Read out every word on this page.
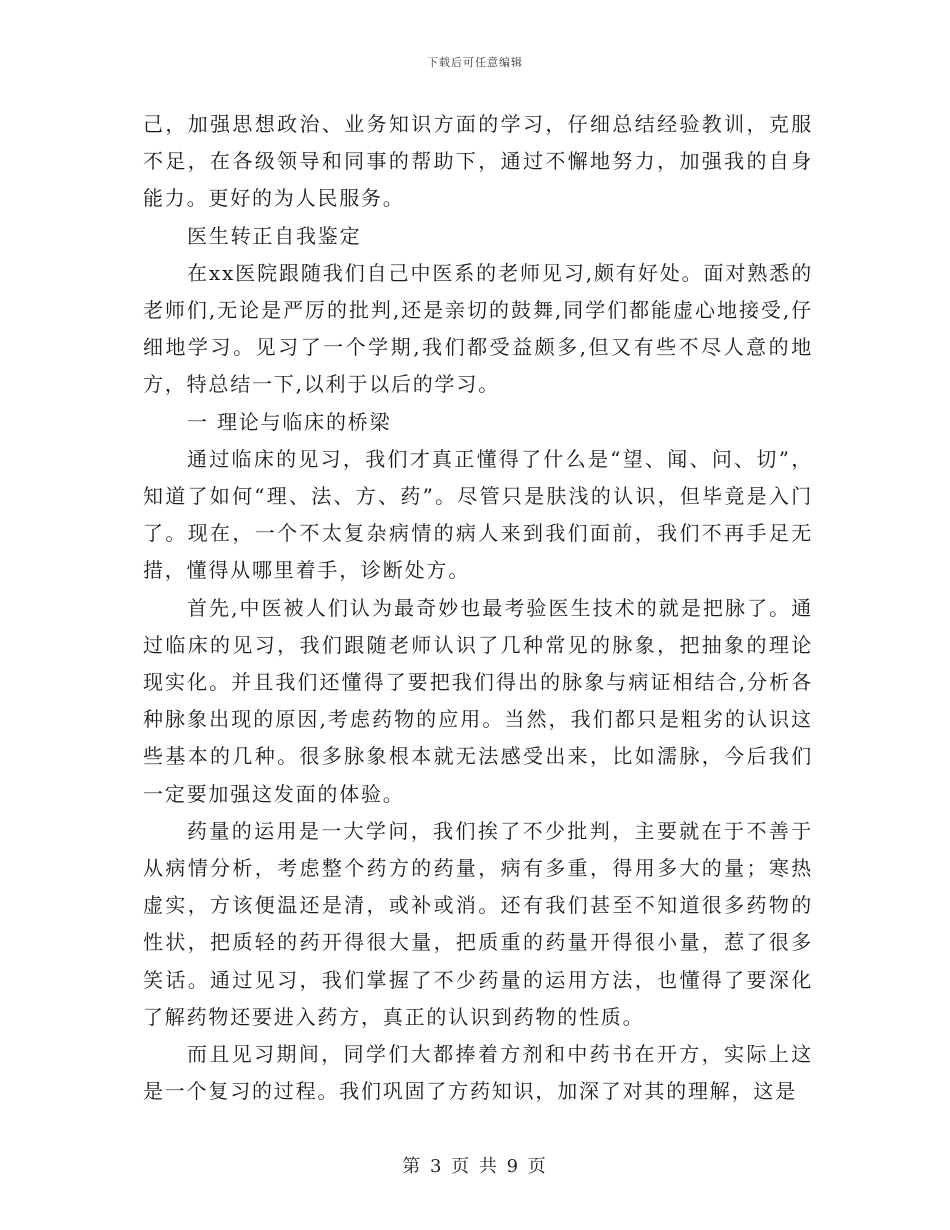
下载后可任意编辑

己，加强思想政治、业务知识方面的学习，仔细总结经验教训，克服不足，在各级领导和同事的帮助下，通过不懈地努力，加强我的自身能力。更好的为人民服务。

医生转正自我鉴定

在xx医院跟随我们自己中医系的老师见习,颇有好处。面对熟悉的老师们,无论是严厉的批判,还是亲切的鼓舞,同学们都能虚心地接受,仔细地学习。见习了一个学期,我们都受益颇多,但又有些不尽人意的地方，特总结一下,以利于以后的学习。

一 理论与临床的桥梁

通过临床的见习，我们才真正懂得了什么是“望、闻、问、切”，知道了如何“理、法、方、药”。尽管只是肤浅的认识，但毕竟是入门了。现在，一个不太复杂病情的病人来到我们面前，我们不再手足无措，懂得从哪里着手，诊断处方。

首先,中医被人们认为最奇妙也最考验医生技术的就是把脉了。通过临床的见习，我们跟随老师认识了几种常见的脉象，把抽象的理论现实化。并且我们还懂得了要把我们得出的脉象与病证相结合,分析各种脉象出现的原因,考虑药物的应用。当然，我们都只是粗劣的认识这些基本的几种。很多脉象根本就无法感受出来，比如濡脉，今后我们一定要加强这发面的体验。

药量的运用是一大学问，我们挨了不少批判，主要就在于不善于从病情分析，考虑整个药方的药量，病有多重，得用多大的量；寒热虚实，方该便温还是清，或补或消。还有我们甚至不知道很多药物的性状，把质轻的药开得很大量，把质重的药量开得很小量，惹了很多笑话。通过见习，我们掌握了不少药量的运用方法，也懂得了要深化了解药物还要进入药方，真正的认识到药物的性质。

而且见习期间，同学们大都捧着方剂和中药书在开方，实际上这是一个复习的过程。我们巩固了方药知识，加深了对其的理解，这是

第 3 页 共 9 页
